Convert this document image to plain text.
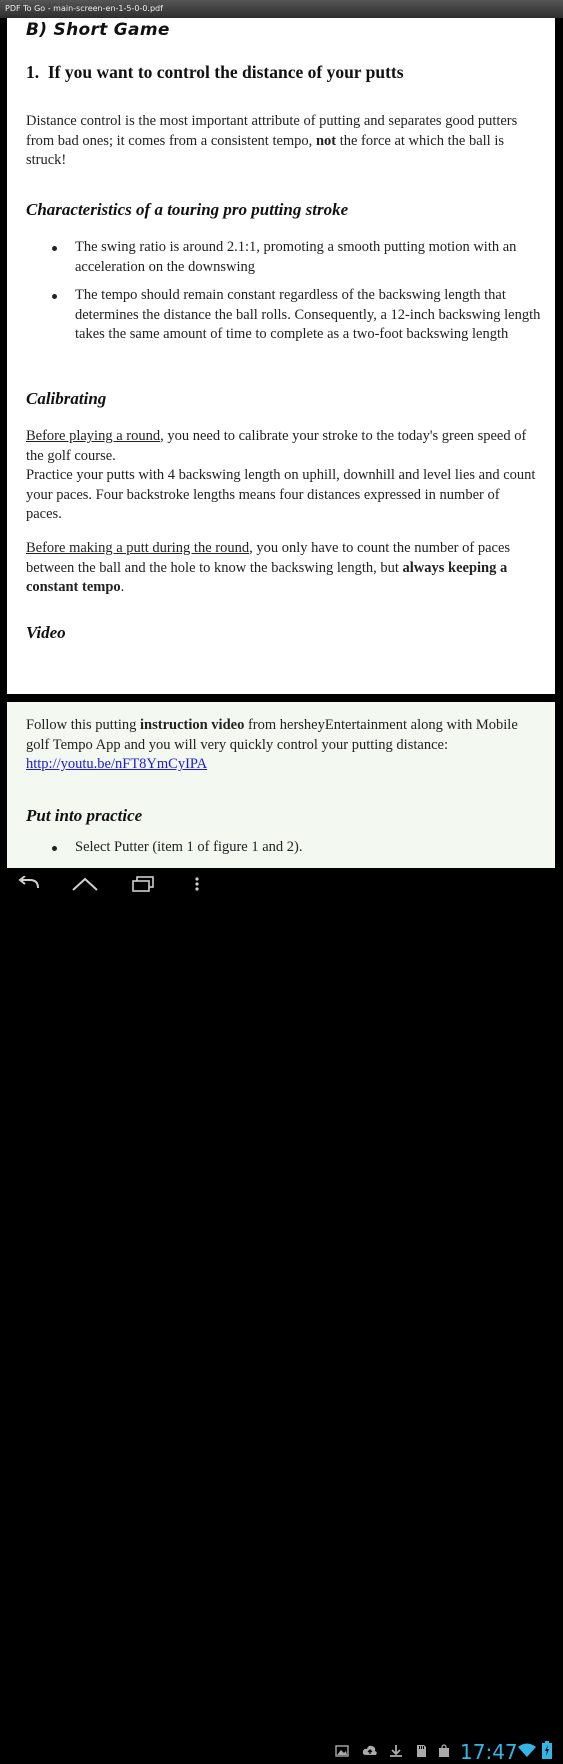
PDF To Go - main-screen-en-1-5-0-0.pdf
B) Short Game
1. If you want to control the distance of your putts

Distance control is the most important attribute of putting and separates good putters from bad ones; it comes from a consistent tempo, not the force at which the ball is struck!

Characteristics of a touring pro putting stroke

The swing ratio is around 2.1:1, promoting a smooth putting motion with an acceleration on the downswing

The tempo should remain constant regardless of the backswing length that determines the distance the ball rolls. Consequently, a 12-inch backswing length takes the same amount of time to complete as a two-foot backswing length

Calibrating

Before playing a round, you need to calibrate your stroke to the today's green speed of the golf course.

Practice your putts with 4 backswing length on uphill, downhill and level lies and count your paces. Four backstroke lengths means four distances expressed in number of paces.

Before making a putt during the round, you only have to count the number of paces between the ball and the hole to know the backswing length, but always keeping a constant tempo.

Video

Follow this putting instruction video from hersheyEntertainment along with Mobile golf Tempo App and you will very quickly control your putting distance: http://youtu.be/nFT8YmCyIPA

Put into practice

Select Putter (item 1 of figure 1 and 2).

17:47
